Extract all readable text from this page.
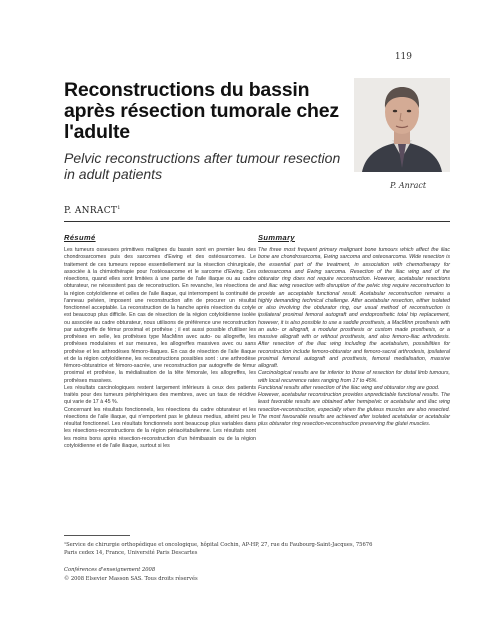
119
Reconstructions du bassin après résection tumorale chez l'adulte
Pelvic reconstructions after tumour resection in adult patients
P. Anract
P. ANRACT$^1$
Résumé	Summary

Les tumeurs osseuses primitives malignes du bassin sont en premier lieu des chondrosarcomes puis des sarcomes d'Ewing et des ostéosarcomes. Le traitement de ces tumeurs repose essentiellement sur la résection chirurgicale, associée à la chimiothérapie pour l'ostéosarcome et le sarcome d'Ewing. Ces résections, quand elles sont limitées à une partie de l'aile iliaque ou au cadre obturateur, ne nécessitent pas de reconstruction. En revanche, les résections de la région cotyloïdienne et celles de l'aile iliaque, qui interrompent la continuité de l'anneau pelvien, imposent une reconstruction afin de procurer un résultat fonctionnel acceptable. La reconstruction de la hanche après résection du cotyle est beaucoup plus difficile. En cas de résection de la région cotyloïdienne isolée ou associée au cadre obturateur, nous utilisons de préférence une reconstruction par autogreffe de fémur proximal et prothèse ; il est aussi possible d'utiliser les prothèses en selle, les prothèses type MacMinn avec auto- ou allogreffe, les prothèses modulaires et sur mesures, les allogreffes massives avec ou sans prothèse et les arthrodèses fémoro-iliaques. En cas de résection de l'aile iliaque et de la région cotyloïdienne, les reconstructions possibles sont : une arthrodèse fémoro-obturatrice et fémoro-sacrée, une reconstruction par autogreffe de fémur proximal et prothèse, la médialisation de la tête fémorale, les allogreffes, les prothèses massives.

Les résultats carcinologiques restent largement inférieurs à ceux des patients traités pour des tumeurs périphériques des membres, avec un taux de récidive qui varie de 17 à 45 %.

Concernant les résultats fonctionnels, les résections du cadre obturateur et les résections de l'aile iliaque, qui n'emportent pas le gluteus medius, atteint peu le résultat fonctionnel. Les résultats fonctionnels sont beaucoup plus variables dans les résections-reconstructions de la région périacétabulienne. Les résultats sont les moins bons après résection-reconstruction d'un hémibassin ou de la région cotyloïdienne et de l'aile iliaque, surtout si les

The three most frequent primary malignant bone tumours which affect the iliac bone are chondrosarcoma, Ewing sarcoma and osteosarcoma. Wide resection is the essential part of the treatment, in association with chemotherapy for osteosarcoma and Ewing sarcoma. Resection of the iliac wing and of the obturator ring does not require reconstruction. However, acetabular resections and iliac wing resection with disruption of the pelvic ring require reconstruction to provide an acceptable functional result. Acetabular reconstruction remains a highly demanding technical challenge. After acetabular resection, either isolated or also involving the obdurator ring, our usual method of reconstruction is ipsilateral proximal femoral autograft and endoprosthetic total hip replacement, however, it is also possible to use a saddle prosthesis, a MacMinn prosthesis with an auto- or allograft, a modular prosthesis or custom made prosthesis, or a massive allograft with or without prosthesis, and also femoro-iliac arthrodesis. After resection of the iliac wing including the acetabulum, possibilities for reconstruction include femoro-obturator and femoro-sacral arthrodesis, ipsilateral proximal femoral autograft and prosthesis, femoral medialisation, massive allograft.

Carcinological results are far inferior to those of resection for distal limb tumours, with local recurrence rates ranging from 17 to 45%.

Functional results after resection of the iliac wing and obturator ring are good.

However, acetabular reconstruction provides unpredictable functional results. The least favorable results are obtained after hemipelvic or acetabular and iliac wing resection-reconstruction, especially when the gluteus muscles are also resected. The most favourable results are achieved after isolated acetabular or acetabular plus obturator ring resection-reconstruction preserving the glutei muscles.

¹Service de chirurgie orthopédique et oncologique, hôpital Cochin, AP-HP, 27, rue du Faubourg-Saint-Jacques, 75676 Paris cedex 14, France, Université Paris Descartes
Conférences d'enseignement 2008
© 2008 Elsevier Masson SAS. Tous droits réservés
